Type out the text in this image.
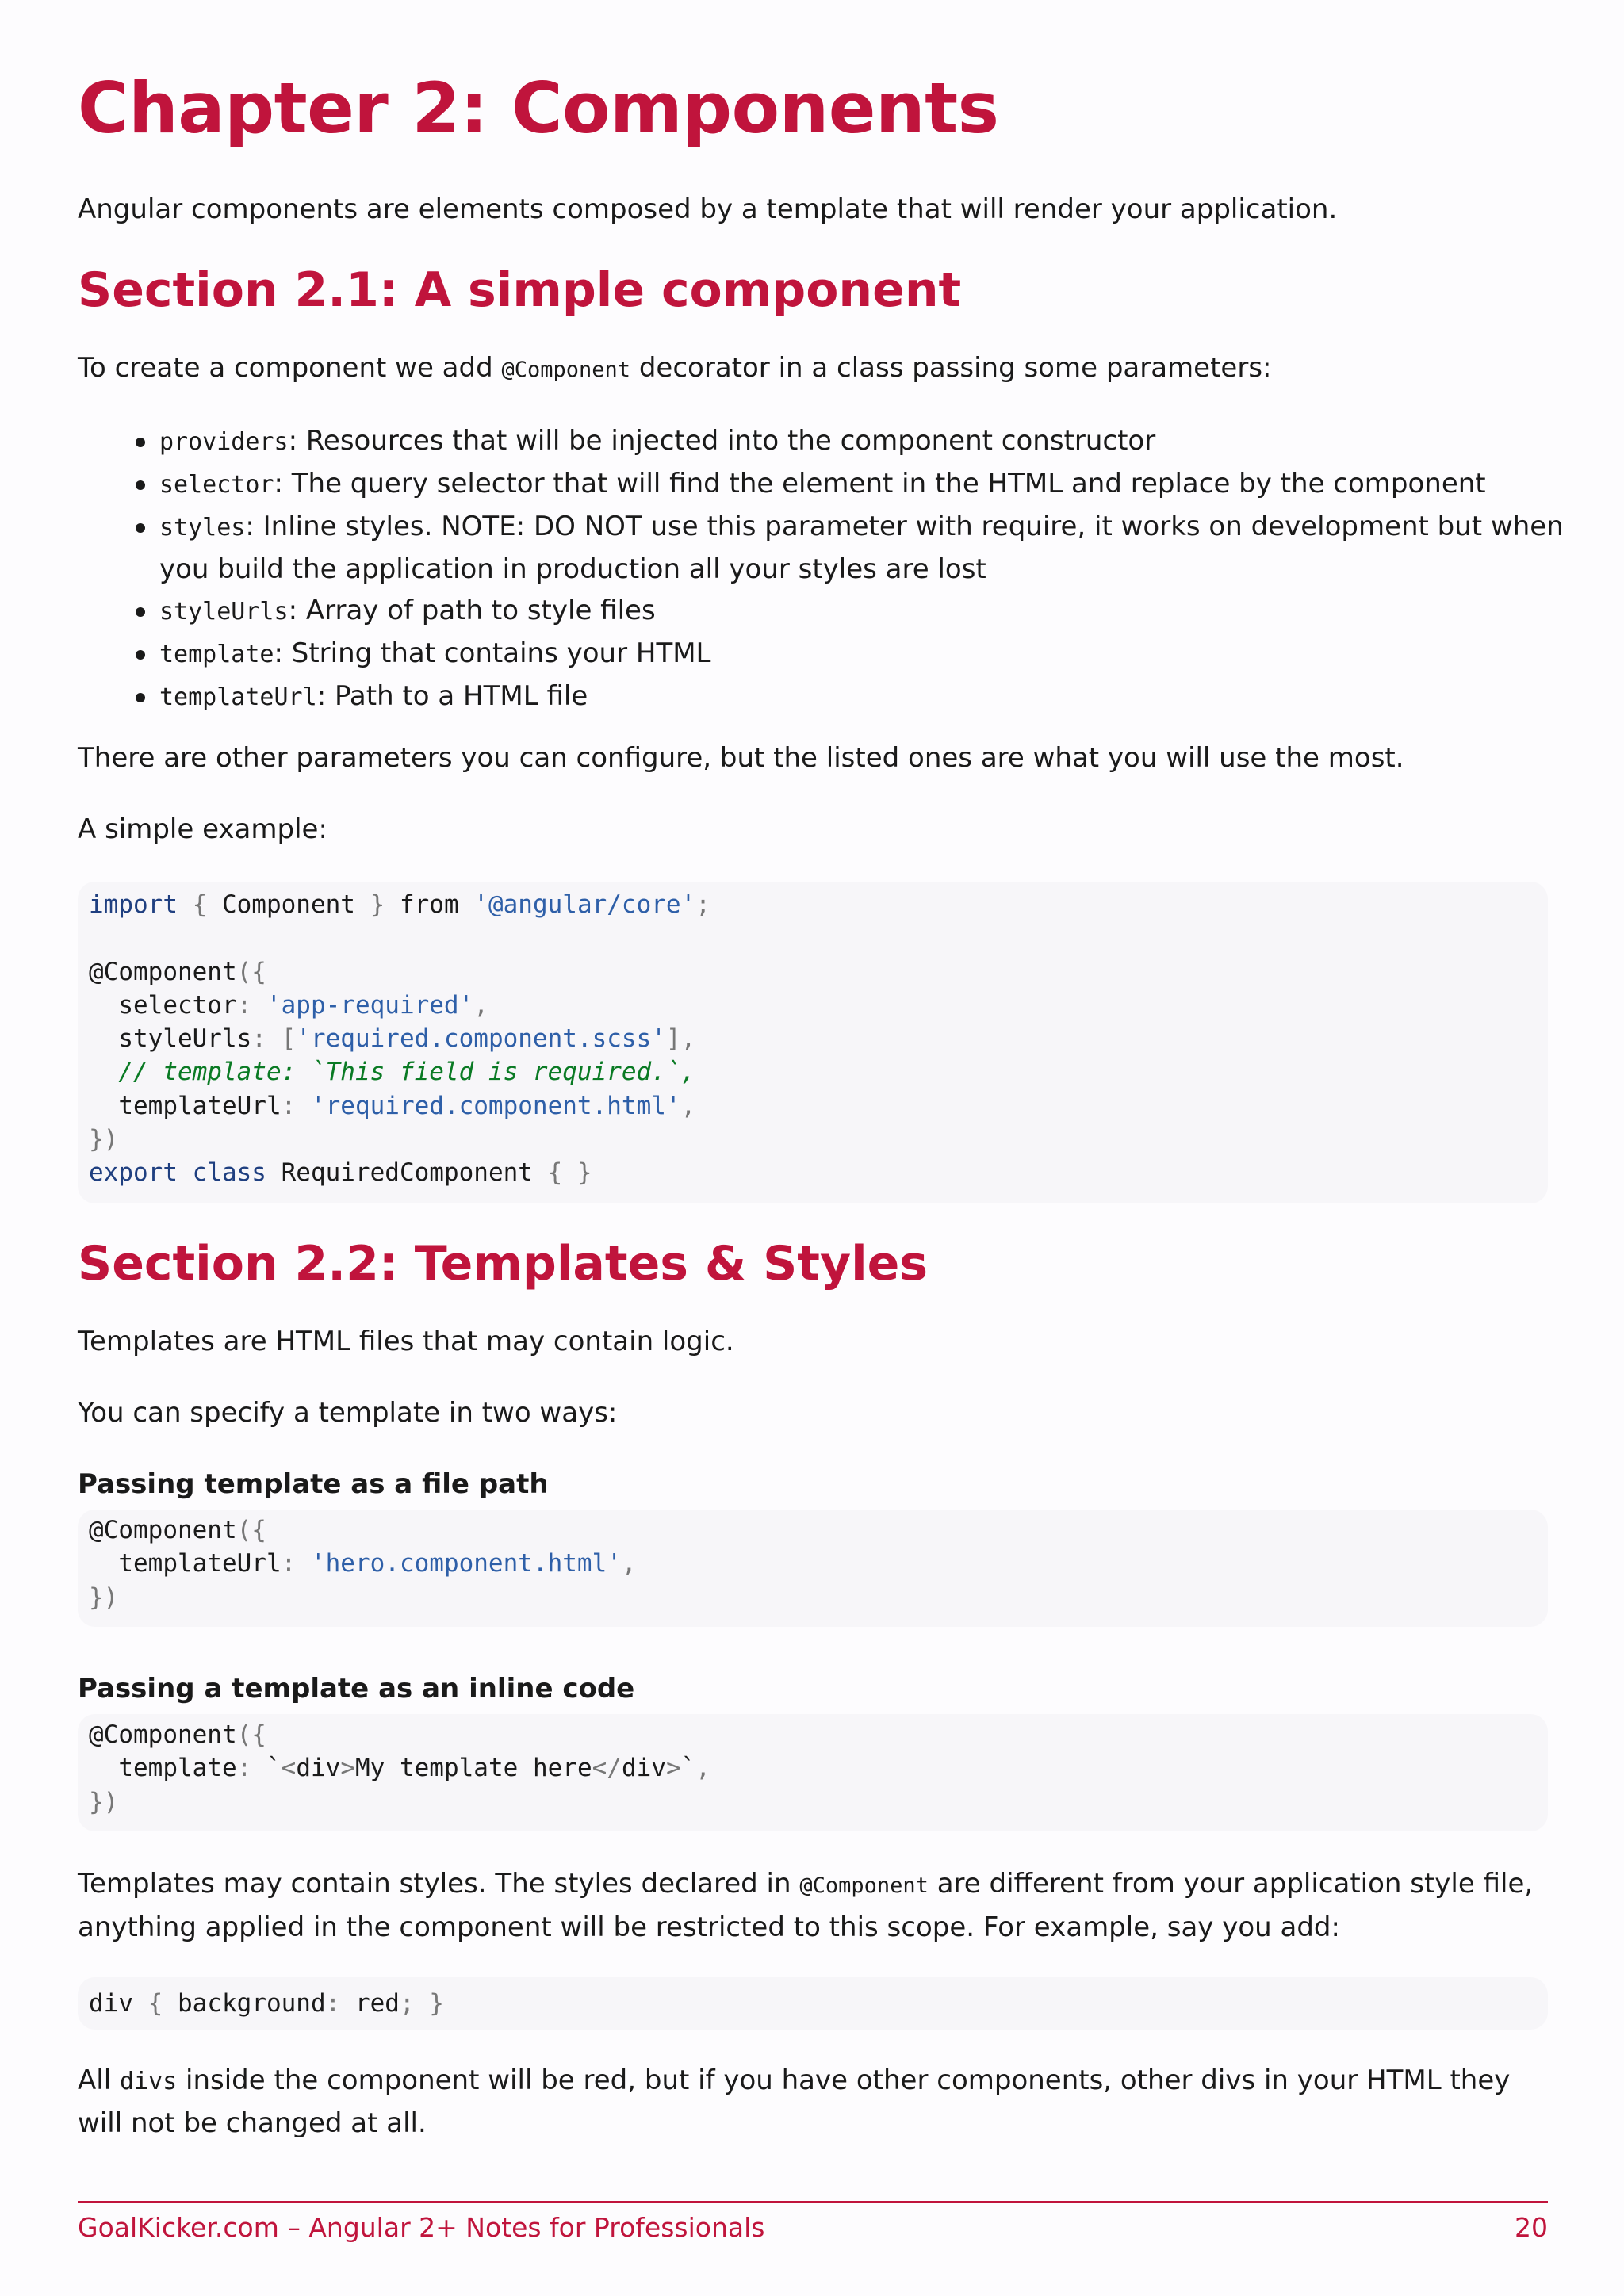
Chapter 2: Components

Angular components are elements composed by a template that will render your application.

Section 2.1: A simple component

To create a component we add @Component decorator in a class passing some parameters:

providers: Resources that will be injected into the component constructor
selector: The query selector that will find the element in the HTML and replace by the component
styles: Inline styles. NOTE: DO NOT use this parameter with require, it works on development but when you build the application in production all your styles are lost
styleUrls: Array of path to style files
template: String that contains your HTML
templateUrl: Path to a HTML file

There are other parameters you can configure, but the listed ones are what you will use the most.

A simple example:

import { Component } from '@angular/core';

@Component({
selector: 'app-required',
styleUrls: ['required.component.scss'],
// template: `This field is required.`,
templateUrl: 'required.component.html',
})
export class RequiredComponent { }
Section 2.2: Templates & Styles

Templates are HTML files that may contain logic.

You can specify a template in two ways:

Passing template as a file path

@Component({
templateUrl: 'hero.component.html',
})

Passing a template as an inline code

@Component({
template: `<div>My template here</div>`,
})

Templates may contain styles. The styles declared in @Component are different from your application style file, anything applied in the component will be restricted to this scope. For example, say you add:

div { background: red; }

All divs inside the component will be red, but if you have other components, other divs in your HTML they will not be changed at all.

GoalKicker.com – Angular 2+ Notes for Professionals	20
